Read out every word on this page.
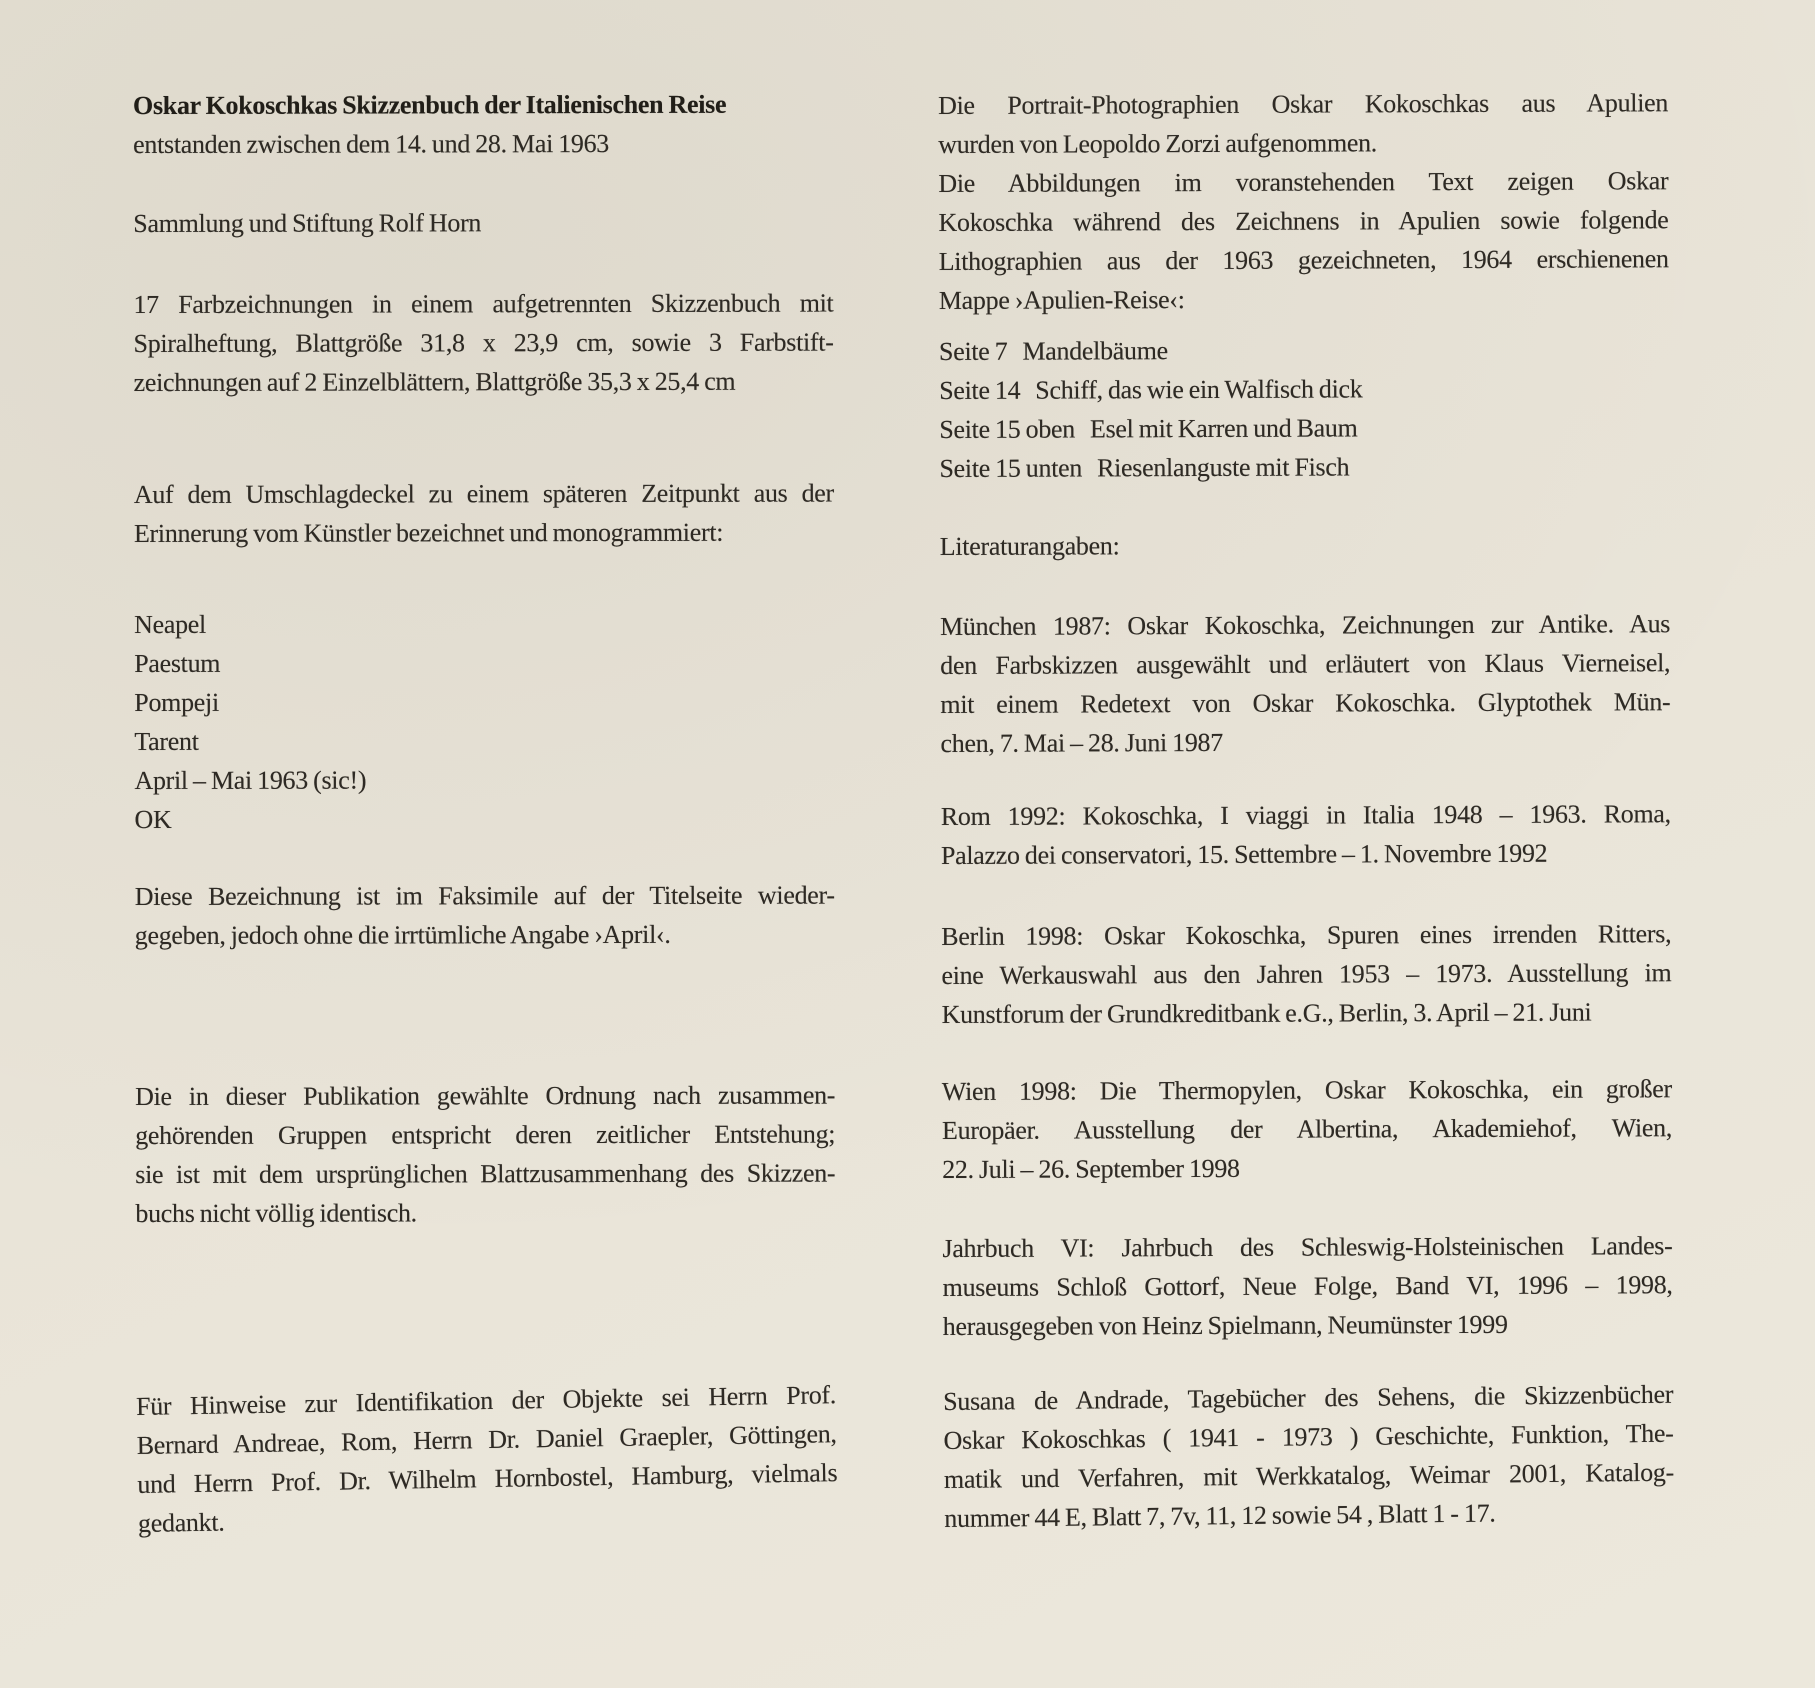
Oskar Kokoschkas Skizzenbuch der Italienischen Reise
entstanden zwischen dem 14. und 28. Mai 1963
Sammlung und Stiftung Rolf Horn
17 Farbzeichnungen in einem aufgetrennten Skizzenbuch mit
Spiralheftung, Blattgröße 31,8 x 23,9 cm, sowie 3 Farbstift-
zeichnungen auf 2 Einzelblättern, Blattgröße 35,3 x 25,4 cm
Auf dem Umschlagdeckel zu einem späteren Zeitpunkt aus der
Erinnerung vom Künstler bezeichnet und monogrammiert:
Neapel
Paestum
Pompeji
Tarent
April – Mai 1963 (sic!)
OK
Diese Bezeichnung ist im Faksimile auf der Titelseite wieder-
gegeben, jedoch ohne die irrtümliche Angabe ›April‹.
Die in dieser Publikation gewählte Ordnung nach zusammen-
gehörenden Gruppen entspricht deren zeitlicher Entstehung;
sie ist mit dem ursprünglichen Blattzusammenhang des Skizzen-
buchs nicht völlig identisch.
Für Hinweise zur Identifikation der Objekte sei Herrn Prof.
Bernard Andreae, Rom, Herrn Dr. Daniel Graepler, Göttingen,
und Herrn Prof. Dr. Wilhelm Hornbostel, Hamburg, vielmals
gedankt.
Die Portrait-Photographien Oskar Kokoschkas aus Apulien
wurden von Leopoldo Zorzi aufgenommen.
Die Abbildungen im voranstehenden Text zeigen Oskar
Kokoschka während des Zeichnens in Apulien sowie folgende
Lithographien aus der 1963 gezeichneten, 1964 erschienenen
Mappe ›Apulien-Reise‹:
Seite 7 Mandelbäume
Seite 14 Schiff, das wie ein Walfisch dick
Seite 15 oben Esel mit Karren und Baum
Seite 15 unten Riesenlanguste mit Fisch
Literaturangaben:
München 1987: Oskar Kokoschka, Zeichnungen zur Antike. Aus
den Farbskizzen ausgewählt und erläutert von Klaus Vierneisel,
mit einem Redetext von Oskar Kokoschka. Glyptothek Mün-
chen, 7. Mai – 28. Juni 1987
Rom 1992: Kokoschka, I viaggi in Italia 1948 – 1963. Roma,
Palazzo dei conservatori, 15. Settembre – 1. Novembre 1992
Berlin 1998: Oskar Kokoschka, Spuren eines irrenden Ritters,
eine Werkauswahl aus den Jahren 1953 – 1973. Ausstellung im
Kunstforum der Grundkreditbank e.G., Berlin, 3. April – 21. Juni
Wien 1998: Die Thermopylen, Oskar Kokoschka, ein großer
Europäer. Ausstellung der Albertina, Akademiehof, Wien,
22. Juli – 26. September 1998
Jahrbuch VI: Jahrbuch des Schleswig-Holsteinischen Landes-
museums Schloß Gottorf, Neue Folge, Band VI, 1996 – 1998,
herausgegeben von Heinz Spielmann, Neumünster 1999
Susana de Andrade, Tagebücher des Sehens, die Skizzenbücher
Oskar Kokoschkas ( 1941 - 1973 ) Geschichte, Funktion, The-
matik und Verfahren, mit Werkkatalog, Weimar 2001, Katalog-
nummer 44 E, Blatt 7, 7v, 11, 12 sowie 54 , Blatt 1 - 17.
